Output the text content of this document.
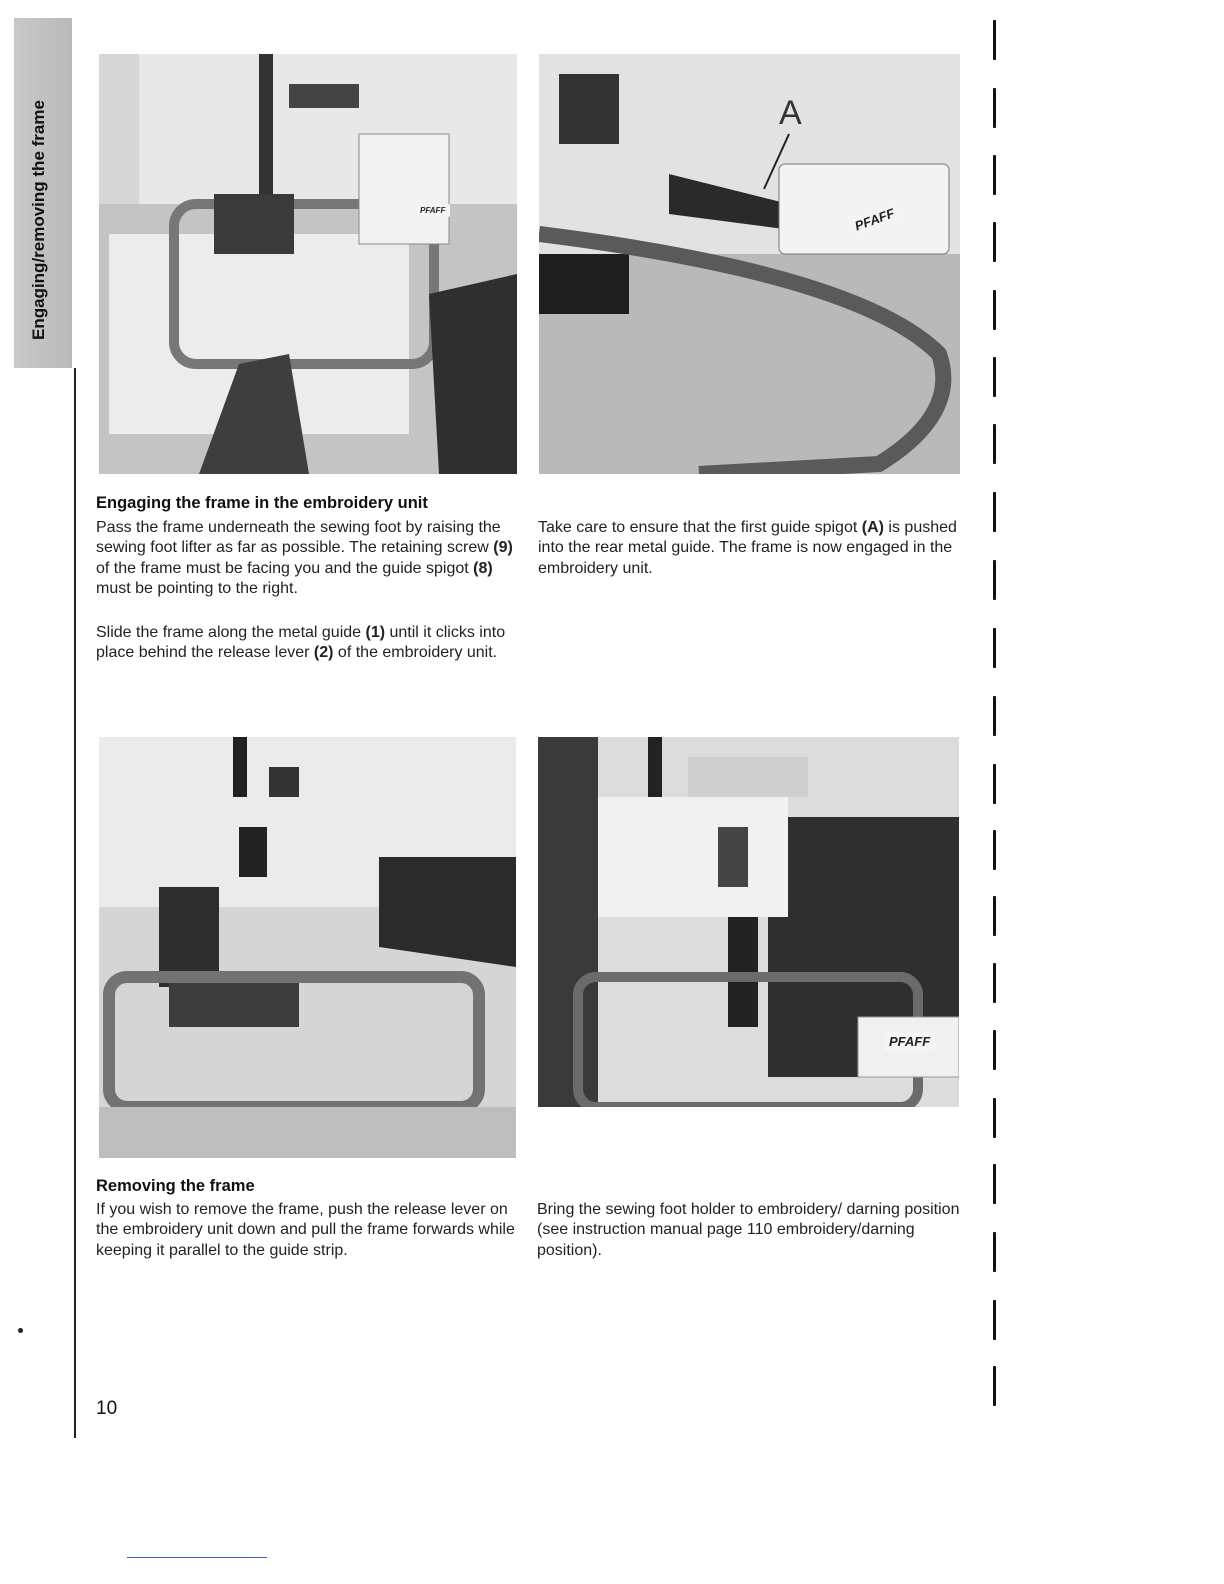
Engaging/removing the frame	PFAFF
A
PFAFF
Engaging the frame in the embroidery unit

Pass the frame underneath the sewing foot by raising the sewing foot lifter as far as possible. The retaining screw (9) of the frame must be facing you and the guide spigot (8) must be pointing to the right.

Slide the frame along the metal guide (1) until it clicks into place behind the release lever (2) of the embroidery unit.

Take care to ensure that the first guide spigot (A) is pushed into the rear metal guide. The frame is now engaged in the embroidery unit.

PFAFF
Removing the frame

If you wish to remove the frame, push the release lever on the embroidery unit down and pull the frame forwards while keeping it parallel to the guide strip.

Bring the sewing foot holder to embroidery/ darning position (see instruction manual page 110 embroidery/darning position).

10
